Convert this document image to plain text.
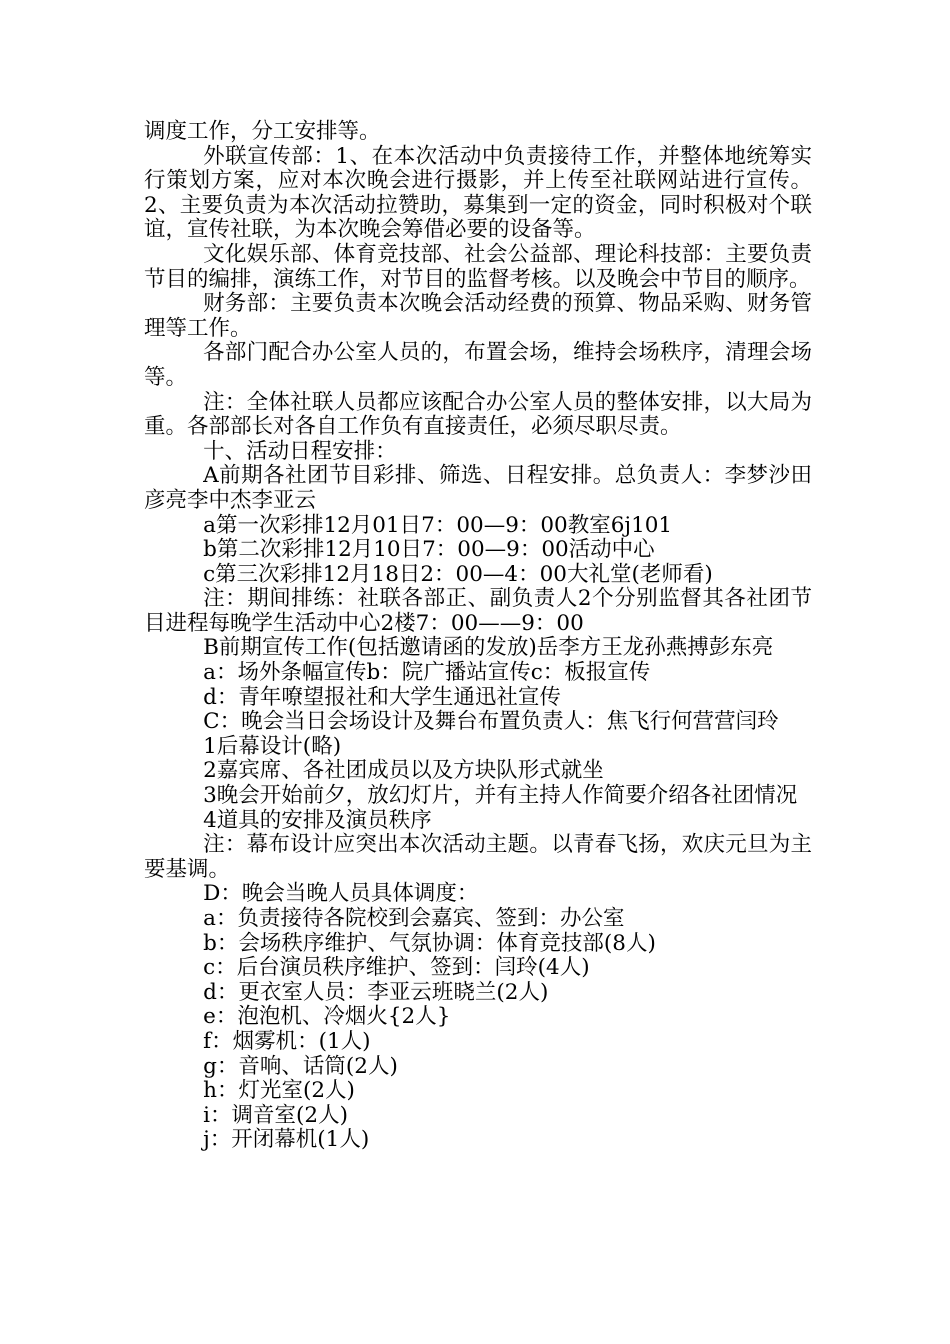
调度工作，分工安排等。

外联宣传部：1、在本次活动中负责接待工作，并整体地统筹实行策划方案，应对本次晚会进行摄影，并上传至社联网站进行宣传。2、主要负责为本次活动拉赞助，募集到一定的资金，同时积极对个联谊，宣传社联，为本次晚会筹借必要的设备等。

文化娱乐部、体育竞技部、社会公益部、理论科技部：主要负责节目的编排，演练工作，对节目的监督考核。以及晚会中节目的顺序。

财务部：主要负责本次晚会活动经费的预算、物品采购、财务管理等工作。

各部门配合办公室人员的，布置会场，维持会场秩序，清理会场等。

注：全体社联人员都应该配合办公室人员的整体安排，以大局为重。各部部长对各自工作负有直接责任，必须尽职尽责。

十、活动日程安排：

A前期各社团节目彩排、筛选、日程安排。总负责人：李梦沙田彦亮李中杰李亚云

a第一次彩排12月01日7：00—9：00教室6j101

b第二次彩排12月10日7：00—9：00活动中心

c第三次彩排12月18日2：00—4：00大礼堂(老师看)

注：期间排练：社联各部正、副负责人2个分别监督其各社团节目进程每晚学生活动中心2楼7：00——9：00

B前期宣传工作(包括邀请函的发放)岳李方王龙孙燕搏彭东亮

a：场外条幅宣传b：院广播站宣传c：板报宣传

d：青年嘹望报社和大学生通迅社宣传

C：晚会当日会场设计及舞台布置负责人：焦飞行何营营闫玲

1后幕设计(略)

2嘉宾席、各社团成员以及方块队形式就坐

3晚会开始前夕，放幻灯片，并有主持人作简要介绍各社团情况

4道具的安排及演员秩序

注：幕布设计应突出本次活动主题。以青春飞扬，欢庆元旦为主要基调。

D：晚会当晚人员具体调度：

a：负责接待各院校到会嘉宾、签到：办公室

b：会场秩序维护、气氛协调：体育竞技部(8人)

c：后台演员秩序维护、签到：闫玲(4人)

d：更衣室人员：李亚云班晓兰(2人)

e：泡泡机、冷烟火{2人}

f：烟雾机：(1人)

g：音响、话筒(2人)

h：灯光室(2人)

i：调音室(2人)

j：开闭幕机(1人)
